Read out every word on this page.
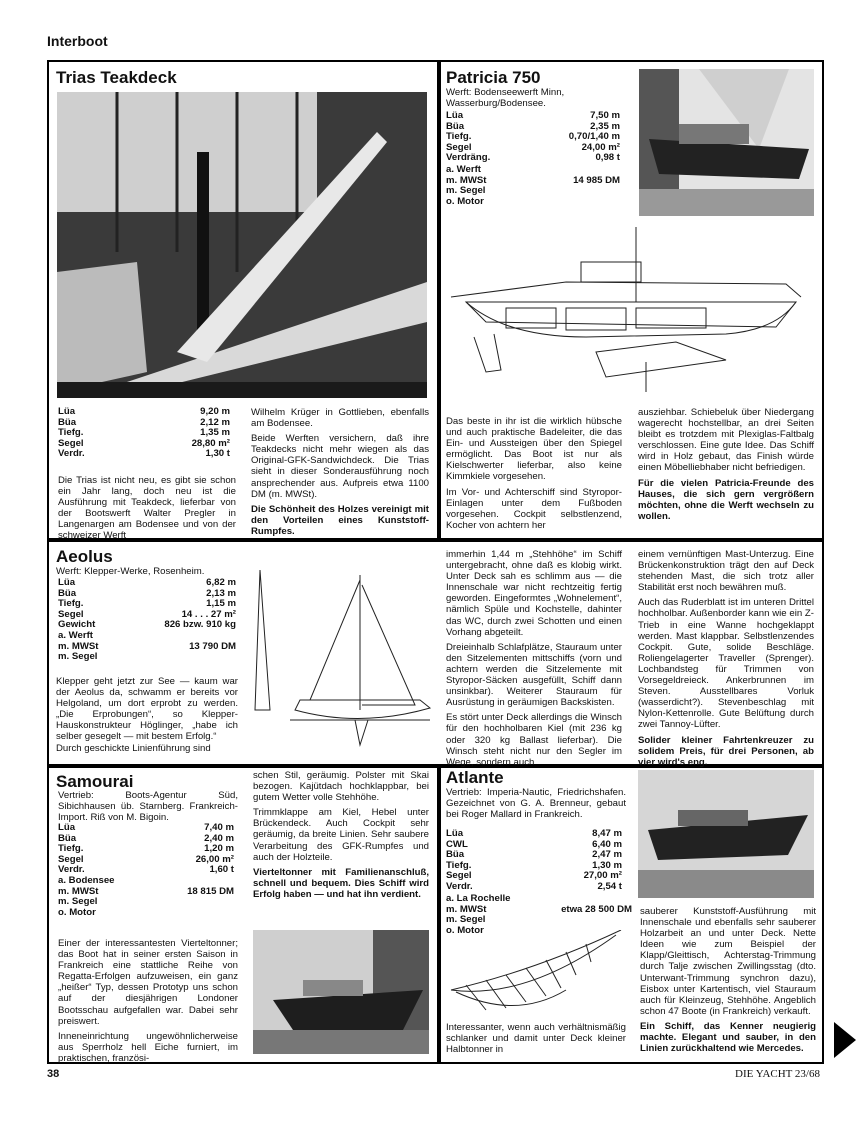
Interboot
Trias Teakdeck
Lüa	9,20 m
Büa	2,12 m
Tiefg.	1,35 m
Segel	28,80 m²
Verdr.	1,30 t
Die Trias ist nicht neu, es gibt sie schon ein Jahr lang, doch neu ist die Ausführung mit Teakdeck, lieferbar von der Bootswerft Walter Pregler in Langenargen am Bodensee und von der schweizer Werft
Wilhelm Krüger in Gottlieben, ebenfalls am Bodensee.
Beide Werften versichern, daß ihre Teakdecks nicht mehr wiegen als das Original-GFK-Sandwichdeck. Die Trias sieht in dieser Sonderausführung noch ansprechender aus. Aufpreis etwa 1100 DM (m. MWSt).
Die Schönheit des Holzes vereinigt mit den Vorteilen eines Kunststoff-Rumpfes.
Patricia 750
Werft: Bodenseewerft Minn, Wasserburg/Bodensee.
Lüa	7,50 m
Büa	2,35 m
Tiefg.	0,70/1,40 m
Segel	24,00 m²
Verdräng.	0,98 t
a. Werft
m. MWSt	14 985 DM
m. Segel
o. Motor
Das beste in ihr ist die wirklich hübsche und auch praktische Badeleiter, die das Ein- und Aussteigen über den Spiegel ermöglicht. Das Boot ist nur als Kielschwerter lieferbar, also keine Kimmkiele vorgesehen.
Im Vor- und Achterschiff sind Styropor-Einlagen unter dem Fußboden vorgesehen. Cockpit selbstlenzend, Kocher von achtern her
ausziehbar. Schiebeluk über Niedergang wagerecht hochstellbar, an drei Seiten bleibt es trotzdem mit Plexiglas-Faltbalg verschlossen. Eine gute Idee. Das Schiff wird in Holz gebaut, das Finish würde einen Möbelliebhaber nicht befriedigen.
Für die vielen Patricia-Freunde des Hauses, die sich gern vergrößern möchten, ohne die Werft wechseln zu wollen.
Aeolus
Werft: Klepper-Werke, Rosenheim.
Lüa	6,82 m
Büa	2,13 m
Tiefg.	1,15 m
Segel	14 . . . 27 m²
Gewicht	826 bzw. 910 kg
a. Werft
m. MWSt	13 790 DM
m. Segel
Klepper geht jetzt zur See — kaum war der Aeolus da, schwamm er bereits vor Helgoland, um dort erprobt zu werden. „Die Erprobungen“, so Klepper-Hauskonstrukteur Höglinger, „habe ich selber gesegelt — mit bestem Erfolg.“
Durch geschickte Linienführung sind
immerhin 1,44 m „Stehhöhe“ im Schiff untergebracht, ohne daß es klobig wirkt. Unter Deck sah es schlimm aus — die Innenschale war nicht rechtzeitig fertig geworden. Eingeformtes „Wohnelement“, nämlich Spüle und Kochstelle, dahinter das WC, durch zwei Schotten und einen Vorhang abgeteilt.
Dreieinhalb Schlafplätze, Stauraum unter den Sitzelementen mittschiffs (vorn und achtern werden die Sitzelemente mit Styropor-Säcken ausgefüllt, Schiff dann unsinkbar). Weiterer Stauraum für Ausrüstung in geräumigen Backskisten.
Es stört unter Deck allerdings die Winsch für den hochholbaren Kiel (mit 236 kg oder 320 kg Ballast lieferbar). Die Winsch steht nicht nur den Segler im Wege, sondern auch
einem vernünftigen Mast-Unterzug. Eine Brückenkonstruktion trägt den auf Deck stehenden Mast, die sich trotz aller Stabilität erst noch bewähren muß.
Auch das Ruderblatt ist im unteren Drittel hochholbar. Außenborder kann wie ein Z-Trieb in eine Wanne hochgeklappt werden. Mast klappbar. Selbstlenzendes Cockpit. Gute, solide Beschläge. Roliengelagerter Traveller (Sprenger). Lochbandsteg für Trimmen von Vorsegeldreieck. Ankerbrunnen im Steven. Ausstellbares Vorluk (wasserdicht?). Stevenbeschlag mit Nylon-Kettenrolle. Gute Belüftung durch zwei Tannoy-Lüfter.
Solider kleiner Fahrtenkreuzer zu solidem Preis, für drei Personen, ab vier wird's eng.
Samourai
Vertrieb: Boots-Agentur Süd, Sibichhausen üb. Starnberg. Frankreich-Import. Riß von M. Bigoin.
Lüa	7,40 m
Büa	2,40 m
Tiefg.	1,20 m
Segel	26,00 m²
Verdr.	1,60 t
a. Bodensee
m. MWSt	18 815 DM
m. Segel
o. Motor
Einer der interessantesten Vierteltonner; das Boot hat in seiner ersten Saison in Frankreich eine stattliche Reihe von Regatta-Erfolgen aufzuweisen, ein ganz „heißer“ Typ, dessen Prototyp uns schon auf der diesjährigen Londoner Bootsschau aufgefallen war. Dabei sehr preiswert.
Inneneinrichtung ungewöhnlicherweise aus Sperrholz hell Eiche furniert, im praktischen, französi-
schen Stil, geräumig. Polster mit Skai bezogen. Kajütdach hochklappbar, bei gutem Wetter volle Stehhöhe.
Trimmklappe am Kiel, Hebel unter Brückendeck. Auch Cockpit sehr geräumig, da breite Linien. Sehr saubere Verarbeitung des GFK-Rumpfes und auch der Holzteile.
Vierteltonner mit Familienanschluß, schnell und bequem. Dies Schiff wird Erfolg haben — und hat ihn verdient.
Atlante
Vertrieb: Imperia-Nautic, Friedrichshafen. Gezeichnet von G. A. Brenneur, gebaut bei Roger Mallard in Frankreich.
Lüa	8,47 m
CWL	6,40 m
Büa	2,47 m
Tiefg.	1,30 m
Segel	27,00 m²
Verdr.	2,54 t
a. La Rochelle
m. MWSt	etwa 28 500 DM
m. Segel
o. Motor
Interessanter, wenn auch verhältnismäßig schlanker und damit unter Deck kleiner Halbtonner in
sauberer Kunststoff-Ausführung mit Innenschale und ebenfalls sehr sauberer Holzarbeit an und unter Deck. Nette Ideen wie zum Beispiel der Klapp/Gleittisch, Achterstag-Trimmung durch Talje zwischen Zwillingsstag (dto. Unterwant-Trimmung synchron dazu), Eisbox unter Kartentisch, viel Stauraum auch für Kleinzeug, Stehhöhe. Angeblich schon 47 Boote (in Frankreich) verkauft.
Ein Schiff, das Kenner neugierig machte. Elegant und sauber, in den Linien zurückhaltend wie Mercedes.
38	DIE YACHT 23/68
